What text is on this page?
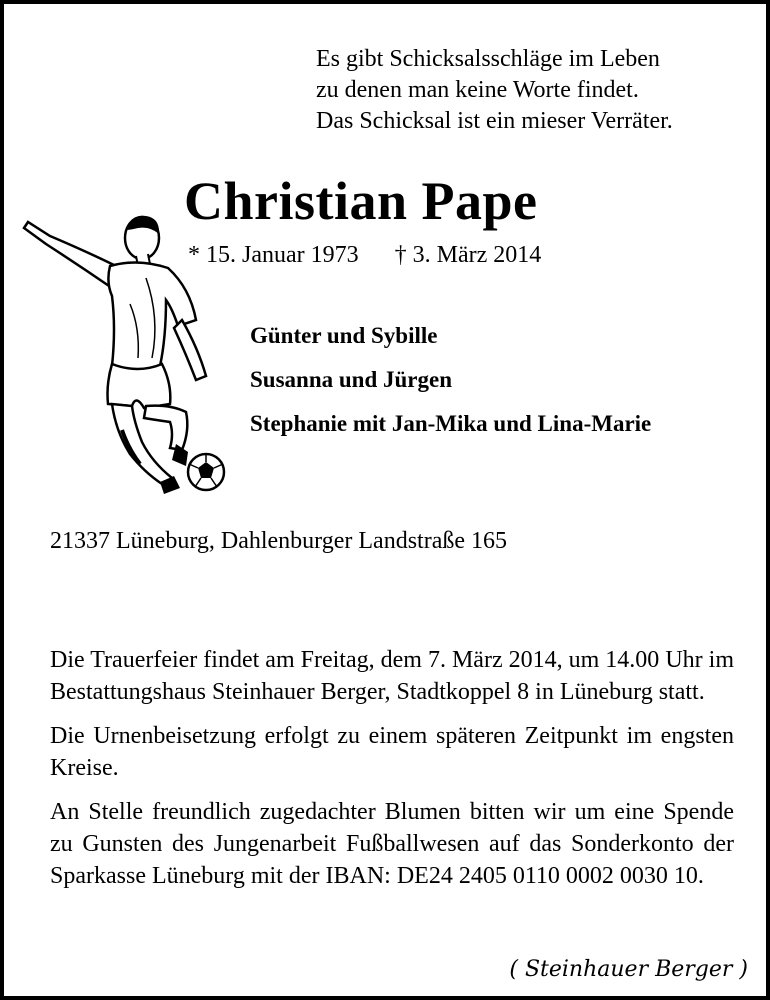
Es gibt Schicksalsschläge im Leben
zu denen man keine Worte findet.
Das Schicksal ist ein mieser Verräter.
Christian Pape
* 15. Januar 1973 † 3. März 2014
Günter und Sybille
Susanna und Jürgen
Stephanie mit Jan-Mika und Lina-Marie
21337 Lüneburg, Dahlenburger Landstraße 165

Die Trauerfeier findet am Freitag, dem 7. März 2014, um 14.00 Uhr im Bestattungshaus Steinhauer Berger, Stadtkoppel 8 in Lüneburg statt.

Die Urnenbeisetzung erfolgt zu einem späteren Zeitpunkt im engsten Kreise.

An Stelle freundlich zugedachter Blumen bitten wir um eine Spende zu Gunsten des Jungenarbeit Fußballwesen auf das Sonderkonto der Sparkasse Lüneburg mit der IBAN: DE24 2405 0110 0002 0030 10.

( Steinhauer Berger )
